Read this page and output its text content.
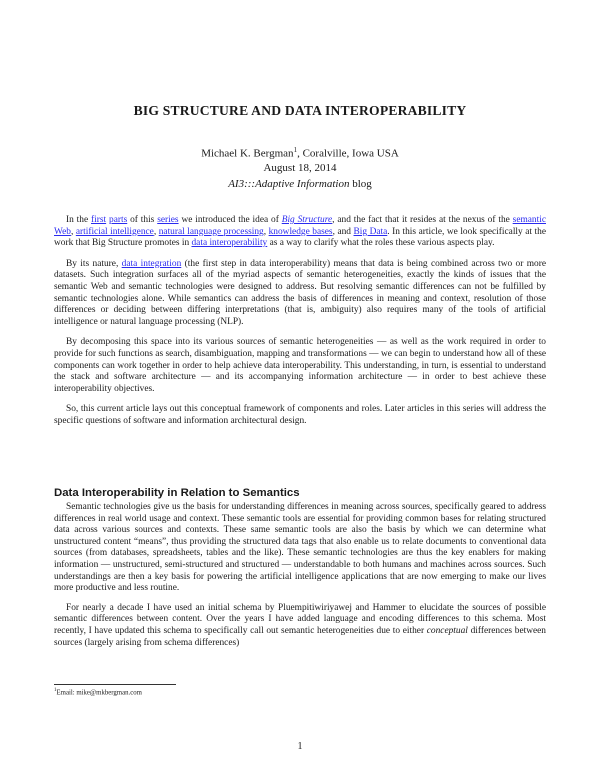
BIG STRUCTURE AND DATA INTEROPERABILITY
Michael K. Bergman$^1$, Coralville, Iowa USA
August 18, 2014
AI3:::Adaptive Information blog

In the first parts of this series we introduced the idea of Big Structure, and the fact that it resides at the nexus of the semantic Web, artificial intelligence, natural language processing, knowledge bases, and Big Data. In this article, we look specifically at the work that Big Structure promotes in data interoperability as a way to clarify what the roles these various aspects play.

By its nature, data integration (the first step in data interoperability) means that data is being combined across two or more datasets. Such integration surfaces all of the myriad aspects of semantic heterogeneities, exactly the kinds of issues that the semantic Web and semantic technologies were designed to address. But resolving semantic differences can not be fulfilled by semantic technologies alone. While semantics can address the basis of differences in meaning and context, resolution of those differences or deciding between differing interpretations (that is, ambiguity) also requires many of the tools of artificial intelligence or natural language processing (NLP).

By decomposing this space into its various sources of semantic heterogeneities — as well as the work required in order to provide for such functions as search, disambiguation, mapping and transformations — we can begin to understand how all of these components can work together in order to help achieve data interoperability. This understanding, in turn, is essential to understand the stack and software architecture — and its accompanying information architecture — in order to best achieve these interoperability objectives.

So, this current article lays out this conceptual framework of components and roles. Later articles in this series will address the specific questions of software and information architectural design.

Data Interoperability in Relation to Semantics

Semantic technologies give us the basis for understanding differences in meaning across sources, specifically geared to address differences in real world usage and context. These semantic tools are essential for providing common bases for relating structured data across various sources and contexts. These same semantic tools are also the basis by which we can determine what unstructured content “means”, thus providing the structured data tags that also enable us to relate documents to conventional data sources (from databases, spreadsheets, tables and the like). These semantic technologies are thus the key enablers for making information — unstructured, semi-structured and structured — understandable to both humans and machines across sources. Such understandings are then a key basis for powering the artificial intelligence applications that are now emerging to make our lives more productive and less routine.

For nearly a decade I have used an initial schema by Pluempitiwiriyawej and Hammer to elucidate the sources of possible semantic differences between content. Over the years I have added language and encoding differences to this schema. Most recently, I have updated this schema to specifically call out semantic heterogeneities due to either conceptual differences between sources (largely arising from schema differences)

$^1$Email: mike@mkbergman.com
1
